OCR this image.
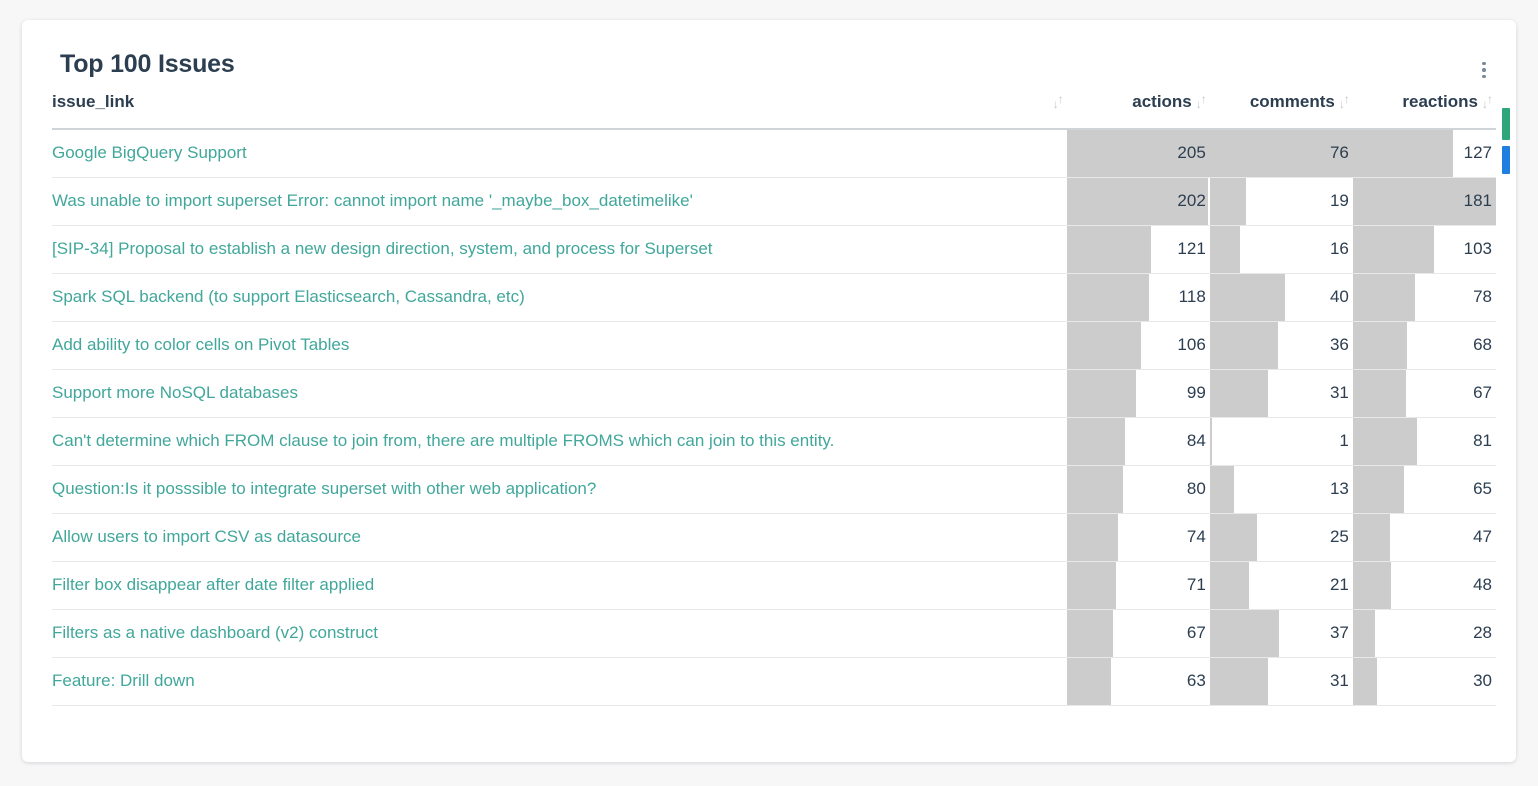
Top 100 Issues
issue_link ↑
↓	actions ↑
↓	comments ↑
↓	reactions ↑
↓

Google BigQuery Support	205	76	127
Was unable to import superset Error: cannot import name '_maybe_box_datetimelike'	202	19	181
[SIP-34] Proposal to establish a new design direction, system, and process for Superset	121	16	103
Spark SQL backend (to support Elasticsearch, Cassandra, etc)	118	40	78
Add ability to color cells on Pivot Tables	106	36	68
Support more NoSQL databases	99	31	67
Can't determine which FROM clause to join from, there are multiple FROMS which can join to this entity.	84	1	81
Question:Is it posssible to integrate superset with other web application?	80	13	65
Allow users to import CSV as datasource	74	25	47
Filter box disappear after date filter applied	71	21	48
Filters as a native dashboard (v2) construct	67	37	28
Feature: Drill down	63	31	30
